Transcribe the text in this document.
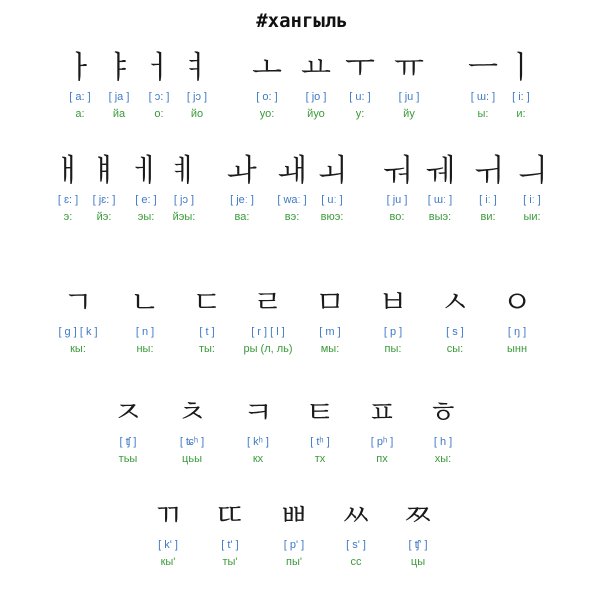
#хангыль
ㅏ
[ a: ]
а:
ㅑ
[ ja ]
йа
ㅓ
[ ɔ: ]
о:
ㅕ
[ jɔ ]
йо
ㅗ
[ o: ]
уо:
ㅛ
[ jo ]
йуо
ㅜ
[ u: ]
у:
ㅠ
[ ju ]
йу
ㅡ
[ ɯ: ]
ы:
ㅣ
[ i: ]
и:
ㅐ
[ ɛ: ]
э:
ㅒ
[ jɛ: ]
йэ:
ㅔ
[ e: ]
эы:
ㅖ
[ jɔ ]
йэы:
ㅘ
[ jeː ]
ва:
ㅙ
[ waː ]
вэ:
ㅚ
[ uː ]
вюэ:
ㅝ
[ ju ]
во:
ㅞ
[ ɯː ]
выэ:
ㅟ
[ iː ]
ви:
ㅢ
[ iː ]
ыи:
ㄱ
[ g ] [ k ]
кы:
ㄴ
[ n ]
ны:
ㄷ
[ t ]
ты:
ㄹ
[ r ] [ l ]
ры (л, ль)
ㅁ
[ m ]
мы:
ㅂ
[ p ]
пы:
ㅅ
[ s ]
сы:
ㅇ
[ ŋ ]
ынн
ㅈ
[ ʧ ]
тьы
ㅊ
[ ʨʰ ]
цьы
ㅋ
[ kʰ ]
кх
ㅌ
[ tʰ ]
тх
ㅍ
[ pʰ ]
пх
ㅎ
[ h ]
хы:
ㄲ
[ k' ]
кы'
ㄸ
[ t' ]
ты'
ㅃ
[ p' ]
пы'
ㅆ
[ s' ]
сс
ㅉ
[ ʧ' ]
цы
